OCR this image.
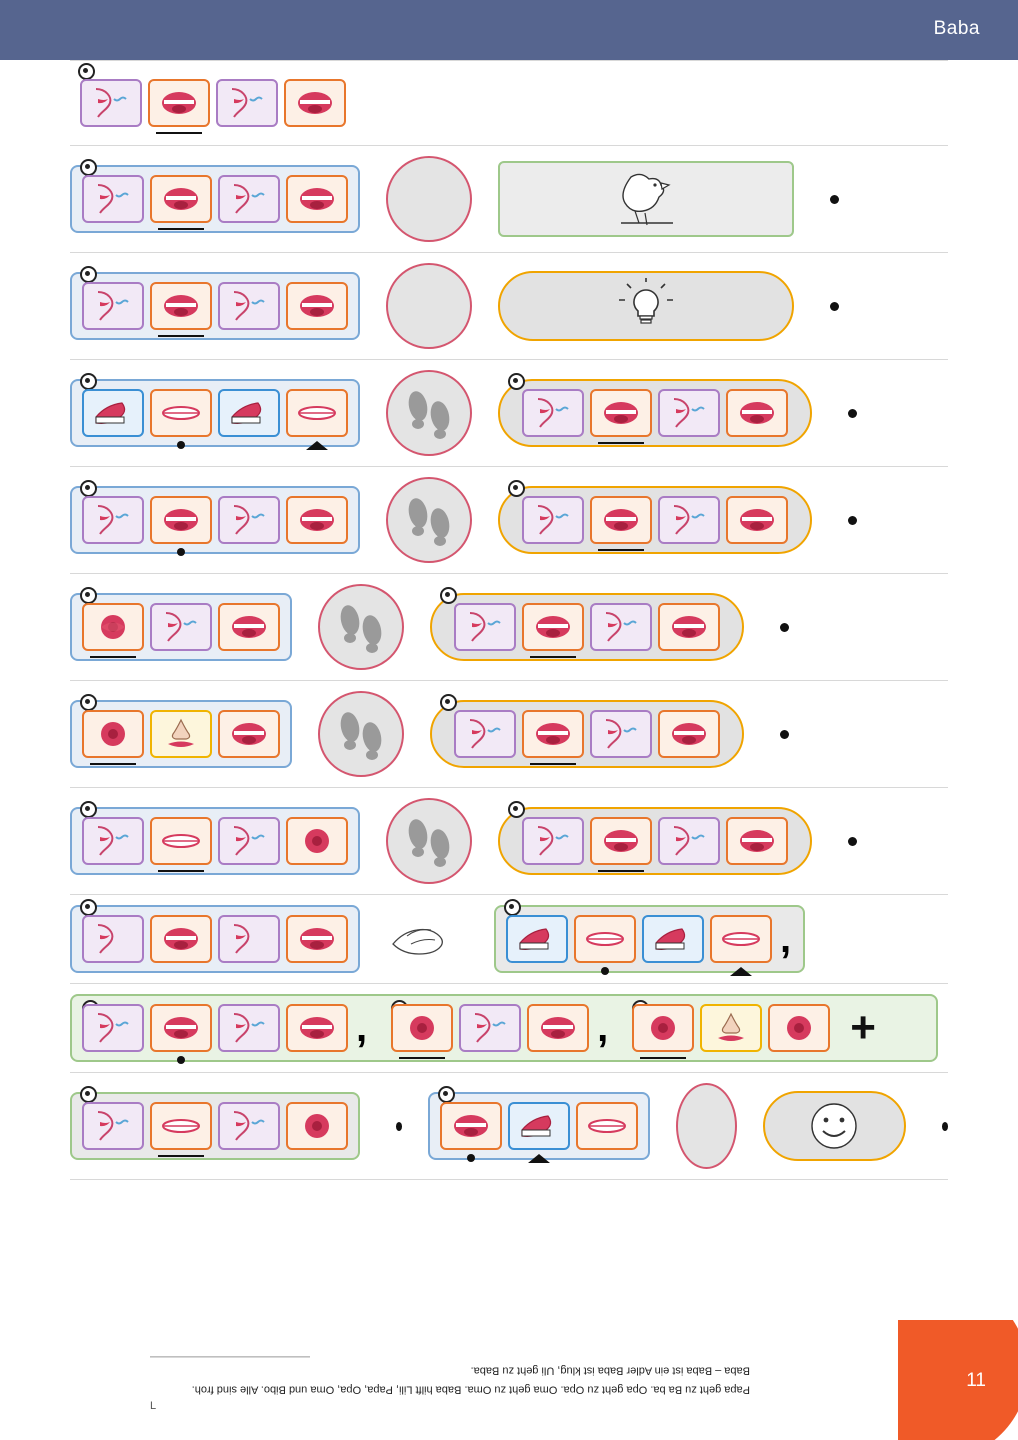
Baba
,
,	,	+
Papa geht zu Ba ba. Opa geht zu Opa. Oma geht zu Oma. Baba hilft Lili, Papa, Opa, Oma und Bibo. Alle sind froh.
Baba – Baba ist ein Adler Baba ist klug, Uli geht zu Baba.
L
11
